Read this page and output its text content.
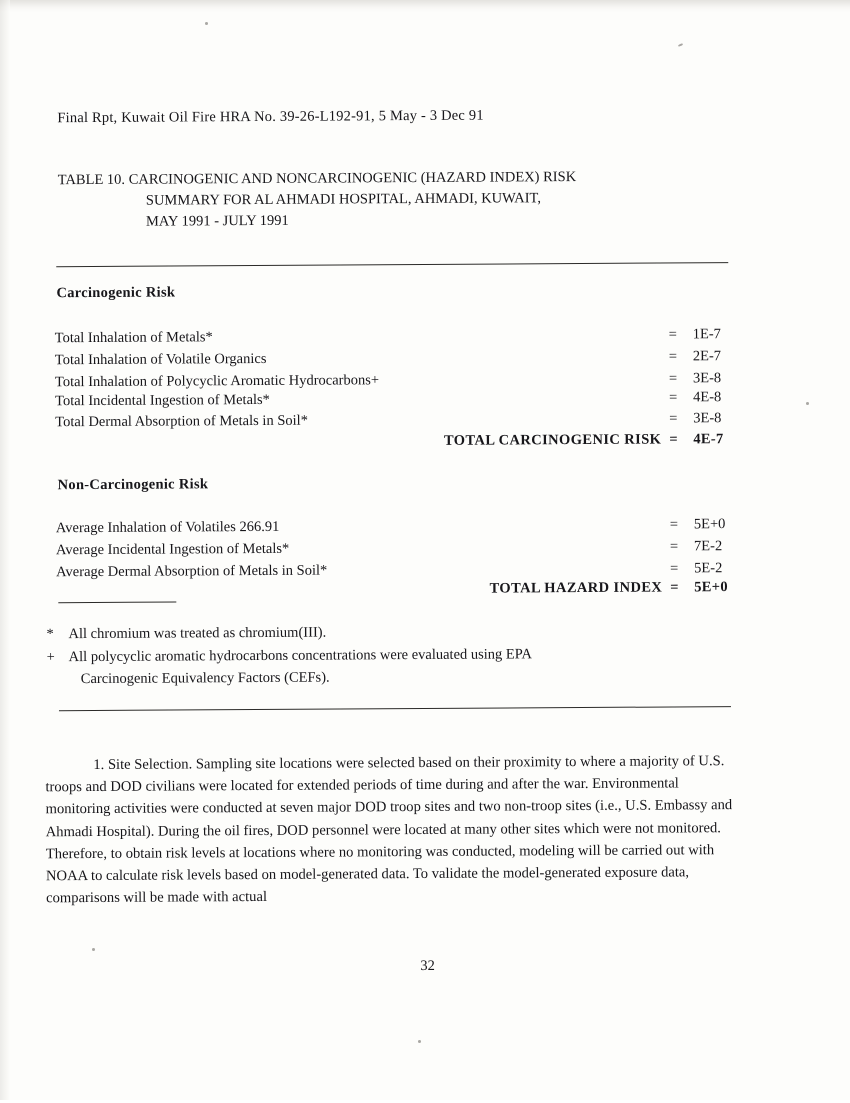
Final Rpt, Kuwait Oil Fire HRA No. 39-26-L192-91, 5 May - 3 Dec 91
TABLE 10. CARCINOGENIC AND NONCARCINOGENIC (HAZARD INDEX) RISK
SUMMARY FOR AL AHMADI HOSPITAL, AHMADI, KUWAIT,
MAY 1991 - JULY 1991
Carcinogenic Risk
Total Inhalation of Metals*	= 1E-7
Total Inhalation of Volatile Organics	= 2E-7
Total Inhalation of Polycyclic Aromatic Hydrocarbons+	= 3E-8
Total Incidental Ingestion of Metals*	= 4E-8
Total Dermal Absorption of Metals in Soil*	= 3E-8
TOTAL CARCINOGENIC RISK = 4E-7
Non-Carcinogenic Risk
Average Inhalation of Volatiles 266.91	= 5E+0
Average Incidental Ingestion of Metals*	= 7E-2
Average Dermal Absorption of Metals in Soil*	= 5E-2
TOTAL HAZARD INDEX = 5E+0
* All chromium was treated as chromium(III).
+ All polycyclic aromatic hydrocarbons concentrations were evaluated using EPA
Carcinogenic Equivalency Factors (CEFs).
1. Site Selection. Sampling site locations were selected based on their proximity to where a majority of U.S. troops and DOD civilians were located for extended periods of time during and after the war. Environmental monitoring activities were conducted at seven major DOD troop sites and two non-troop sites (i.e., U.S. Embassy and Ahmadi Hospital). During the oil fires, DOD personnel were located at many other sites which were not monitored. Therefore, to obtain risk levels at locations where no monitoring was conducted, modeling will be carried out with NOAA to calculate risk levels based on model-generated data. To validate the model-generated exposure data, comparisons will be made with actual
32
